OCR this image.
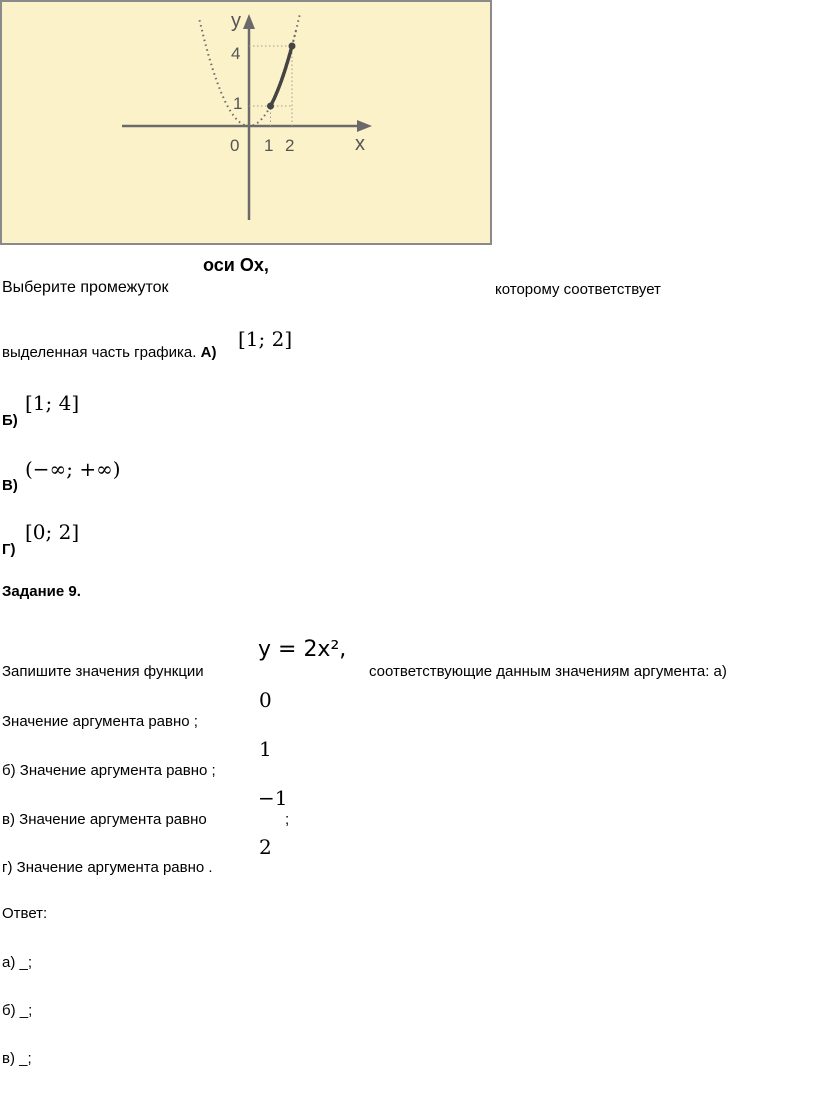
y
x
0 1 2
1
4
оси Ох,
Выберите промежуток	которому соответствует
выделенная часть графика. А)
[1; 2]
Б)
[1; 4]
В)
(−∞; +∞)
Г)
[0; 2]
Задание 9.
Запишите значения функции
y = 2x²,
соответствующие данным значениям аргумента: а)
0
Значение аргумента равно ;
1
б) Значение аргумента равно ;
−1
в) Значение аргумента равно	;
2
г) Значение аргумента равно .
Ответ:
а) _;
б) _;
в) _;
